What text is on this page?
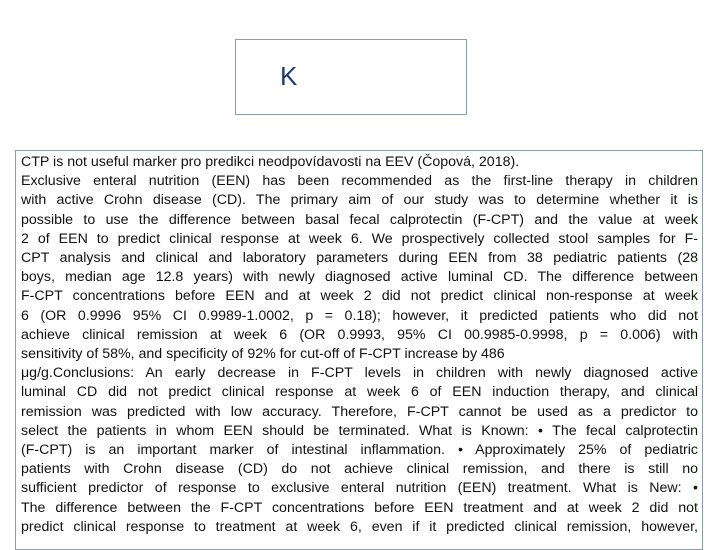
K
CTP is not useful marker pro predikci neodpovídavosti na EEV (Čopová, 2018).
Exclusive enteral nutrition (EEN) has been recommended as the first-line therapy in children
with active Crohn disease (CD). The primary aim of our study was to determine whether it is
possible to use the difference between basal fecal calprotectin (F-CPT) and the value at week
2 of EEN to predict clinical response at week 6. We prospectively collected stool samples for F-
CPT analysis and clinical and laboratory parameters during EEN from 38 pediatric patients (28
boys, median age 12.8 years) with newly diagnosed active luminal CD. The difference between
F-CPT concentrations before EEN and at week 2 did not predict clinical non-response at week
6 (OR 0.9996 95% CI 0.9989-1.0002, p = 0.18); however, it predicted patients who did not
achieve clinical remission at week 6 (OR 0.9993, 95% CI 00.9985-0.9998, p = 0.006) with
sensitivity of 58%, and specificity of 92% for cut-off of F-CPT increase by 486
μg/g.Conclusions: An early decrease in F-CPT levels in children with newly diagnosed active
luminal CD did not predict clinical response at week 6 of EEN induction therapy, and clinical
remission was predicted with low accuracy. Therefore, F-CPT cannot be used as a predictor to
select the patients in whom EEN should be terminated. What is Known: • The fecal calprotectin
(F-CPT) is an important marker of intestinal inflammation. • Approximately 25% of pediatric
patients with Crohn disease (CD) do not achieve clinical remission, and there is still no
sufficient predictor of response to exclusive enteral nutrition (EEN) treatment. What is New: •
The difference between the F-CPT concentrations before EEN treatment and at week 2 did not
predict clinical response to treatment at week 6, even if it predicted clinical remission, however,
